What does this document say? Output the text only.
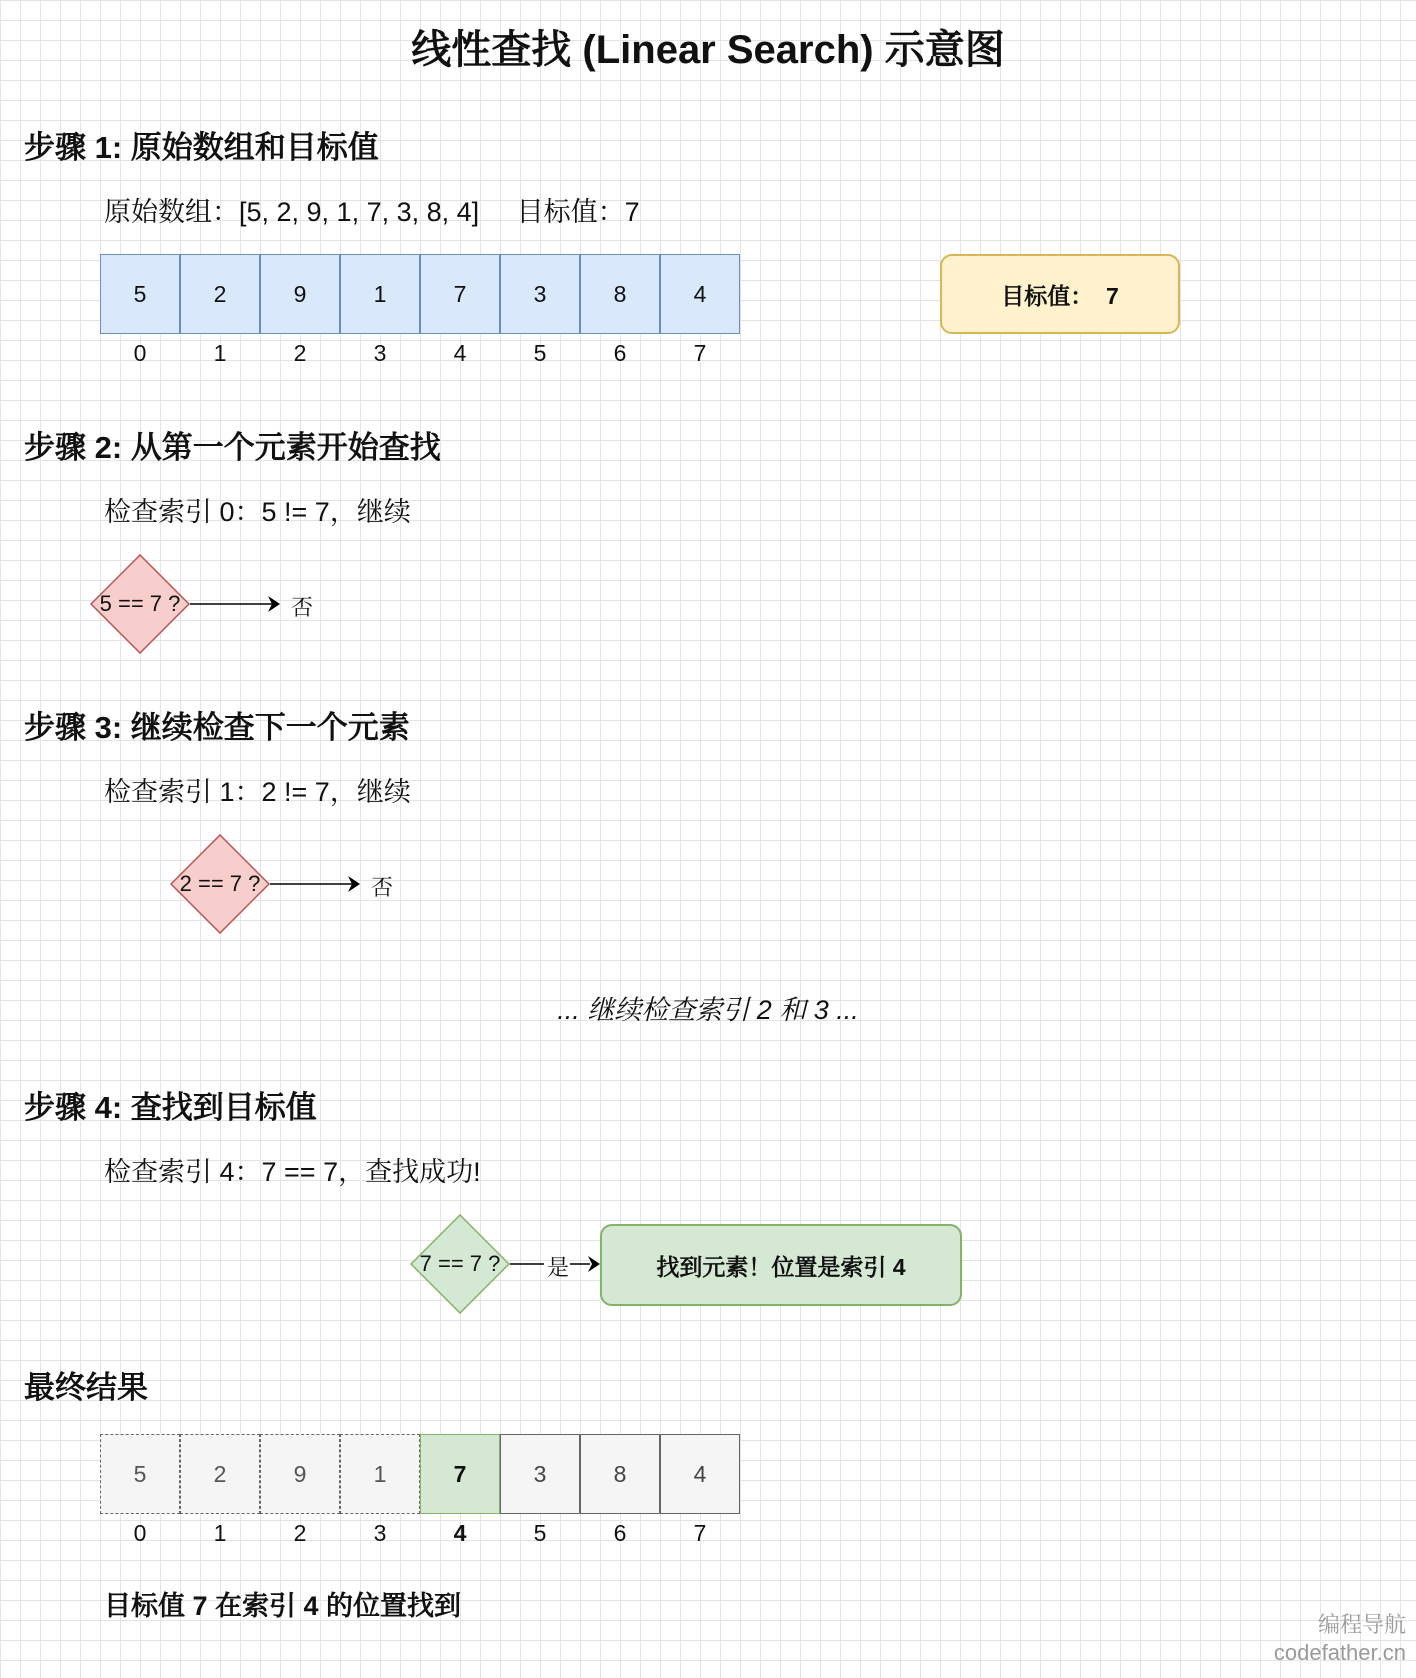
线性查找 (Linear Search) 示意图
步骤 1: 原始数组和目标值
原始数组：[5, 2, 9, 1, 7, 3, 8, 4]     目标值：7
5	2	9	1	7	3	8	4
0	1	2	3	4	5	6	7
目标值：  7
步骤 2: 从第一个元素开始查找
检查索引 0：5 != 7，继续
5 == 7 ?	否
步骤 3: 继续检查下一个元素
检查索引 1：2 != 7，继续
2 == 7 ?	否
... 继续检查索引 2 和 3 ...
步骤 4: 查找到目标值
检查索引 4：7 == 7，查找成功!
7 == 7 ?	是	找到元素！位置是索引 4
最终结果
5	2	9	1	7	3	8	4
0	1	2	3	4	5	6	7
目标值 7 在索引 4 的位置找到
编程导航
codefather.cn
